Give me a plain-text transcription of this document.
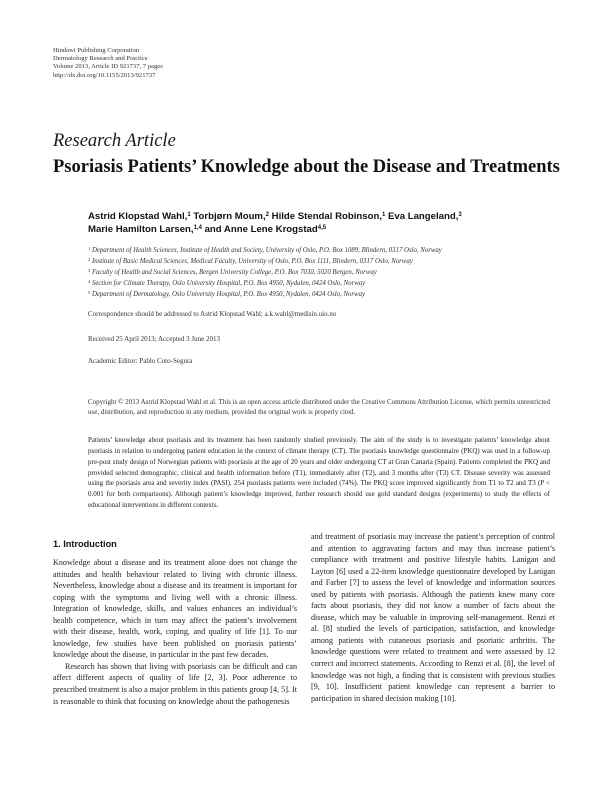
Hindawi Publishing Corporation
Dermatology Research and Practice
Volume 2013, Article ID 921737, 7 pages
http://dx.doi.org/10.1155/2013/921737
Research Article
Psoriasis Patients’ Knowledge about the Disease and Treatments
Astrid Klopstad Wahl,$^1$ Torbjørn Moum,$^2$ Hilde Stendal Robinson,$^1$ Eva Langeland,$^3$
Marie Hamilton Larsen,$^{1,4}$ and Anne Lene Krogstad$^{4,5}$
$^1$ Department of Health Sciences, Institute of Health and Society, University of Oslo, P.O. Box 1089, Blindern, 0317 Oslo, Norway
$^2$ Institute of Basic Medical Sciences, Medical Faculty, University of Oslo, P.O. Box 1111, Blindern, 0317 Oslo, Norway
$^3$ Faculty of Health and Social Sciences, Bergen University College, P.O. Box 7030, 5020 Bergen, Norway
$^4$ Section for Climate Therapy, Oslo University Hospital, P.O. Box 4950, Nydalen, 0424 Oslo, Norway
$^5$ Department of Dermatology, Oslo University Hospital, P.O. Box 4950, Nydalen, 0424 Oslo, Norway
Correspondence should be addressed to Astrid Klopstad Wahl; a.k.wahl@medisin.uio.no
Received 25 April 2013; Accepted 3 June 2013
Academic Editor: Pablo Coto-Segura
Copyright © 2013 Astrid Klopstad Wahl et al. This is an open access article distributed under the Creative Commons Attribution License, which permits unrestricted use, distribution, and reproduction in any medium, provided the original work is properly cited.
Patients’ knowledge about psoriasis and its treatment has been randomly studied previously. The aim of the study is to investigate patients’ knowledge about psoriasis in relation to undergoing patient education in the context of climate therapy (CT). The psoriasis knowledge questionnaire (PKQ) was used in a follow-up pre-post study design of Norwegian patients with psoriasis at the age of 20 years and older undergoing CT at Gran Canaria (Spain). Patients completed the PKQ and provided selected demographic, clinical and health information before (T1), immediately after (T2), and 3 months after (T3) CT. Disease severity was assessed using the psoriasis area and severity index (PASI). 254 psoriasis patients were included (74%). The PKQ score improved significantly from T1 to T2 and T3 (P < 0.001 for both comparisons). Although patient’s knowledge improved, further research should use gold standard designs (experiments) to study the effects of educational interventions in different contexts.
1. Introduction

Knowledge about a disease and its treatment alone does not change the attitudes and health behaviour related to living with chronic illness. Nevertheless, knowledge about a disease and its treatment is important for coping with the symptoms and living well with a chronic illness. Integration of knowledge, skills, and values enhances an individual’s health competence, which in turn may affect the patient’s involvement with their disease, health, work, coping, and quality of life [1]. To our knowledge, few studies have been published on psoriasis patients’ knowledge about the disease, in particular in the past few decades.

Research has shown that living with psoriasis can be difficult and can affect different aspects of quality of life [2, 3]. Poor adherence to prescribed treatment is also a major problem in this patients group [4, 5]. It is reasonable to think that focusing on knowledge about the pathogenesis

and treatment of psoriasis may increase the patient’s perception of control and attention to aggravating factors and may thus increase patient’s compliance with treatment and positive lifestyle habits. Lanigan and Layton [6] used a 22-item knowledge questionnaire developed by Lanigan and Farber [7] to assess the level of knowledge and information sources used by patients with psoriasis. Although the patients knew many core facts about psoriasis, they did not know a number of facts about the disease, which may be valuable in improving self-management. Renzi et al. [8] studied the levels of participation, satisfaction, and knowledge among patients with cutaneous psoriasis and psoriatic arthritis. The knowledge questions were related to treatment and were assessed by 12 correct and incorrect statements. According to Renzi et al. [8], the level of knowledge was not high, a finding that is consistent with previous studies [9, 10]. Insufficient patient knowledge can represent a barrier to participation in shared decision making [10].
